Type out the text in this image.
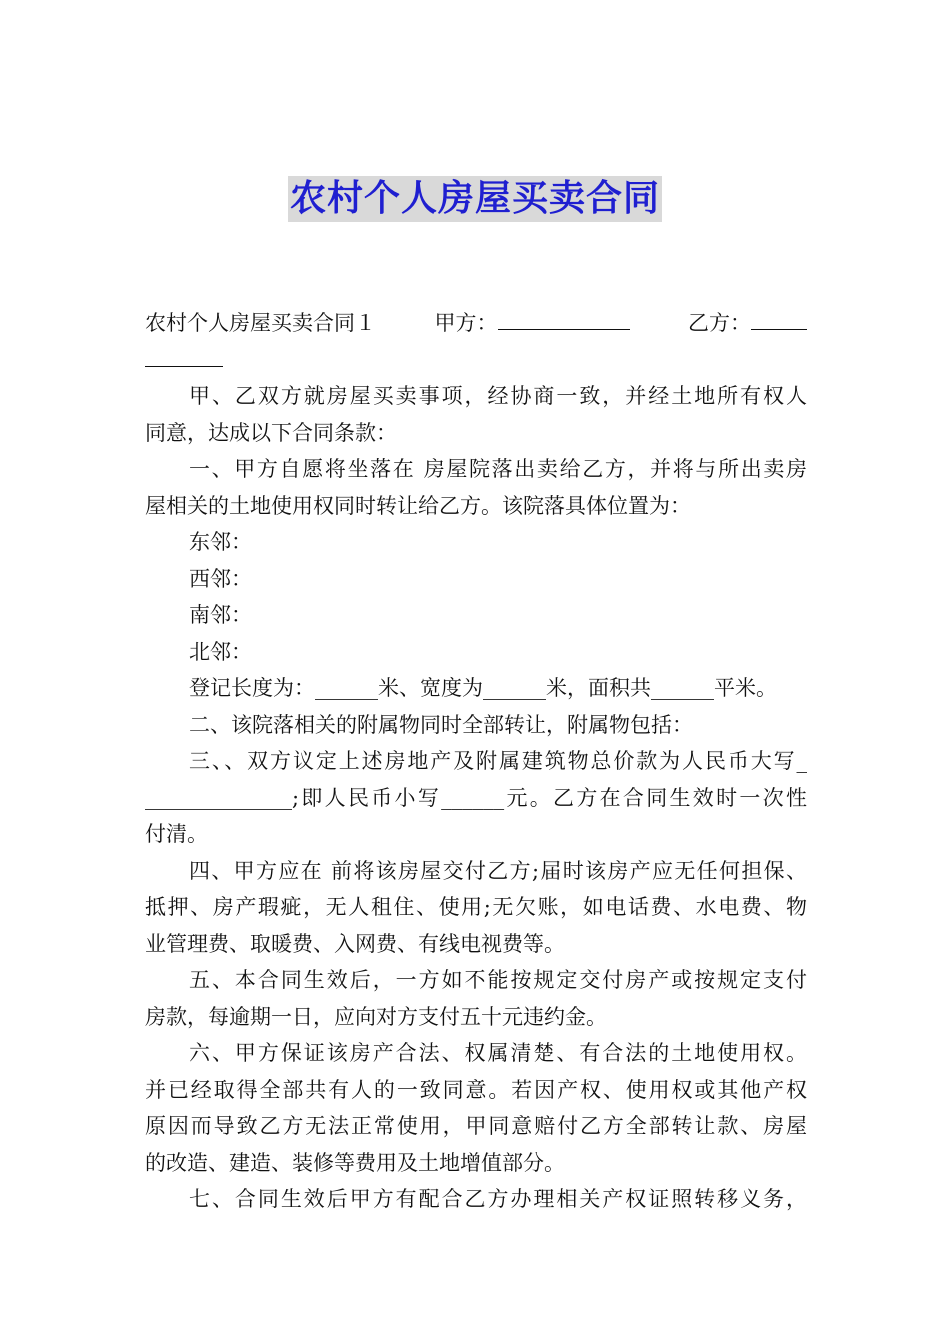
农村个人房屋买卖合同
农村个人房屋买卖合同１	甲方：	乙方：
甲、乙双方就房屋买卖事项，经协商一致，并经土地所有权人
同意，达成以下合同条款：
一、甲方自愿将坐落在 房屋院落出卖给乙方，并将与所出卖房
屋相关的土地使用权同时转让给乙方。该院落具体位置为：
东邻：
西邻：
南邻：
北邻：
登记长度为：______米、宽度为______米，面积共______平米。
二、该院落相关的附属物同时全部转让，附属物包括：
三、、双方议定上述房地产及附属建筑物总价款为人民币大写_
______________;即人民币小写______元。乙方在合同生效时一次性
付清。
四、甲方应在 前将该房屋交付乙方;届时该房产应无任何担保、
抵押、房产瑕疵，无人租住、使用;无欠账，如电话费、水电费、物
业管理费、取暖费、入网费、有线电视费等。
五、本合同生效后，一方如不能按规定交付房产或按规定支付
房款，每逾期一日，应向对方支付五十元违约金。
六、甲方保证该房产合法、权属清楚、有合法的土地使用权。
并已经取得全部共有人的一致同意。若因产权、使用权或其他产权
原因而导致乙方无法正常使用，甲同意赔付乙方全部转让款、房屋
的改造、建造、装修等费用及土地增值部分。
七、合同生效后甲方有配合乙方办理相关产权证照转移义务，
